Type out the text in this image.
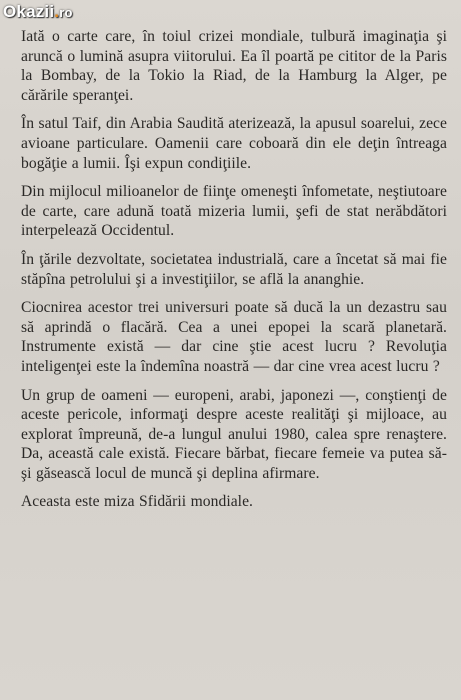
Okazii.ro

Iată o carte care, în toiul crizei mondiale, tulbură imaginaţia şi aruncă o lumină asupra viitorului. Ea îl poartă pe cititor de la Paris la Bombay, de la Tokio la Riad, de la Hamburg la Alger, pe cărările speranţei.

În satul Taif, din Arabia Saudită aterizează, la apusul soarelui, zece avioane particulare. Oamenii care coboară din ele deţin întreaga bogăţie a lumii. Îşi expun condiţiile.

Din mijlocul milioanelor de fiinţe omeneşti înfometate, neştiutoare de carte, care adună toată mizeria lumii, şefi de stat nerăbdători interpelează Occidentul.

În ţările dezvoltate, societatea industrială, care a încetat să mai fie stăpîna petrolului şi a investiţiilor, se află la ananghie.

Ciocnirea acestor trei universuri poate să ducă la un dezastru sau să aprindă o flacără. Cea a unei epopei la scară planetară. Instrumente există — dar cine ştie acest lucru ? Revoluţia inteligenţei este la îndemîna noastră — dar cine vrea acest lucru ?

Un grup de oameni — europeni, arabi, japonezi —, conştienţi de aceste pericole, informaţi despre aceste realităţi şi mijloace, au explorat împreună, de-a lungul anului 1980, calea spre renaştere. Da, această cale există. Fiecare bărbat, fiecare femeie va putea să-şi găsească locul de muncă şi deplina afirmare.

Aceasta este miza Sfidării mondiale.
